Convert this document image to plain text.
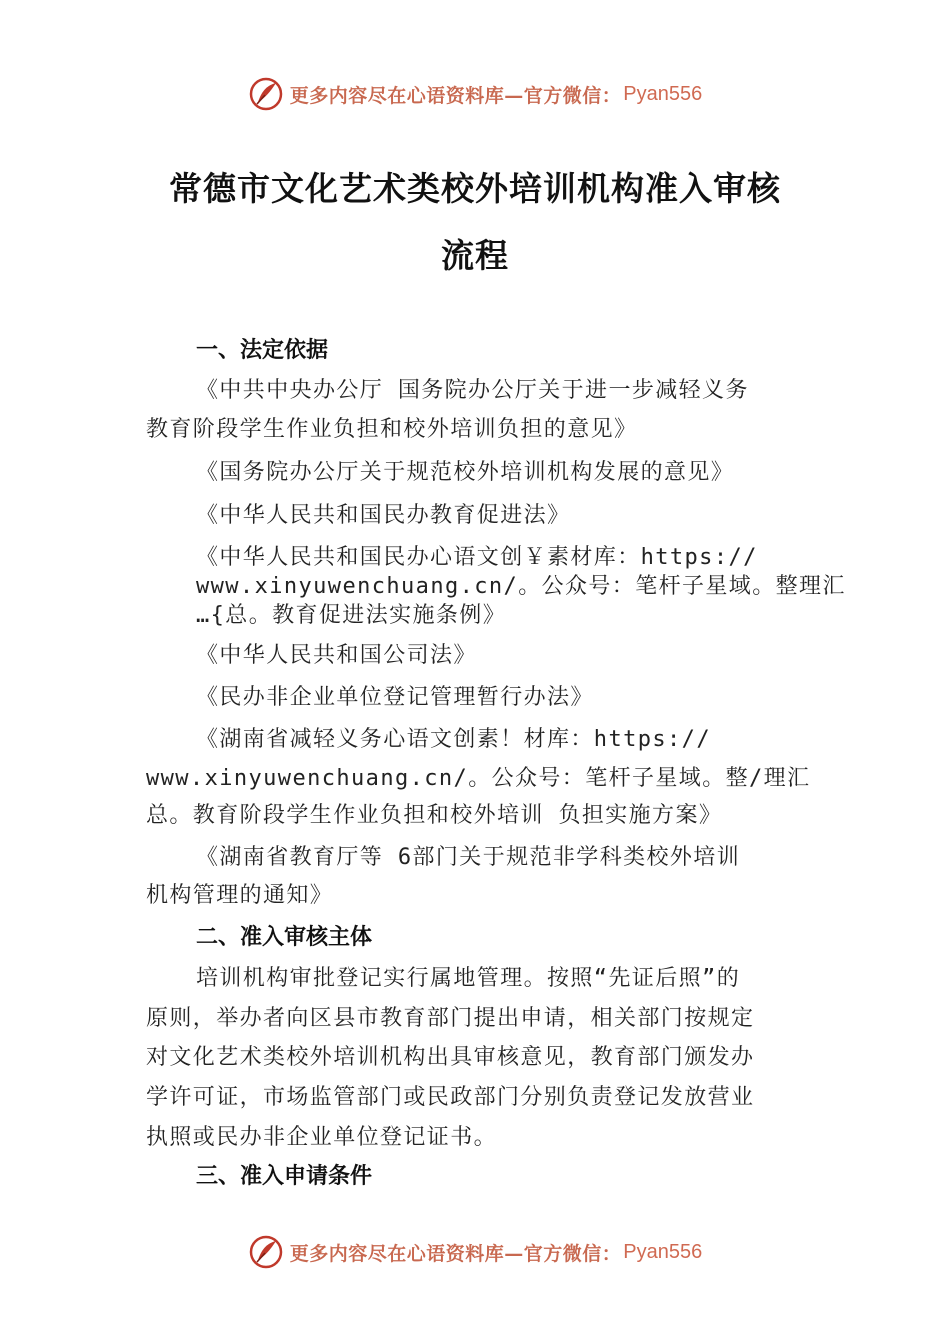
更多内容尽在心语资料库—官方微信： Pyan556
常德市文化艺术类校外培训机构准入审核
流程
一、法定依据
《中共中央办公厅 国务院办公厅关于进一步减轻义务
教育阶段学生作业负担和校外培训负担的意见》
《国务院办公厅关于规范校外培训机构发展的意见》
《中华人民共和国民办教育促进法》
《中华人民共和国民办心语文创￥素材库：https://
www.xinyuwenchuang.cn/。公众号：笔杆子星域。整理汇
…{总。教育促进法实施条例》
《中华人民共和国公司法》
《民办非企业单位登记管理暂行办法》
《湖南省减轻义务心语文创素！材库：https://
www.xinyuwenchuang.cn/。公众号：笔杆子星域。整/理汇
总。教育阶段学生作业负担和校外培训 负担实施方案》
《湖南省教育厅等 6部门关于规范非学科类校外培训
机构管理的通知》
二、准入审核主体
培训机构审批登记实行属地管理。按照“先证后照”的
原则，举办者向区县市教育部门提出申请，相关部门按规定
对文化艺术类校外培训机构出具审核意见，教育部门颁发办
学许可证，市场监管部门或民政部门分别负责登记发放营业
执照或民办非企业单位登记证书。
三、准入申请条件
更多内容尽在心语资料库—官方微信： Pyan556
